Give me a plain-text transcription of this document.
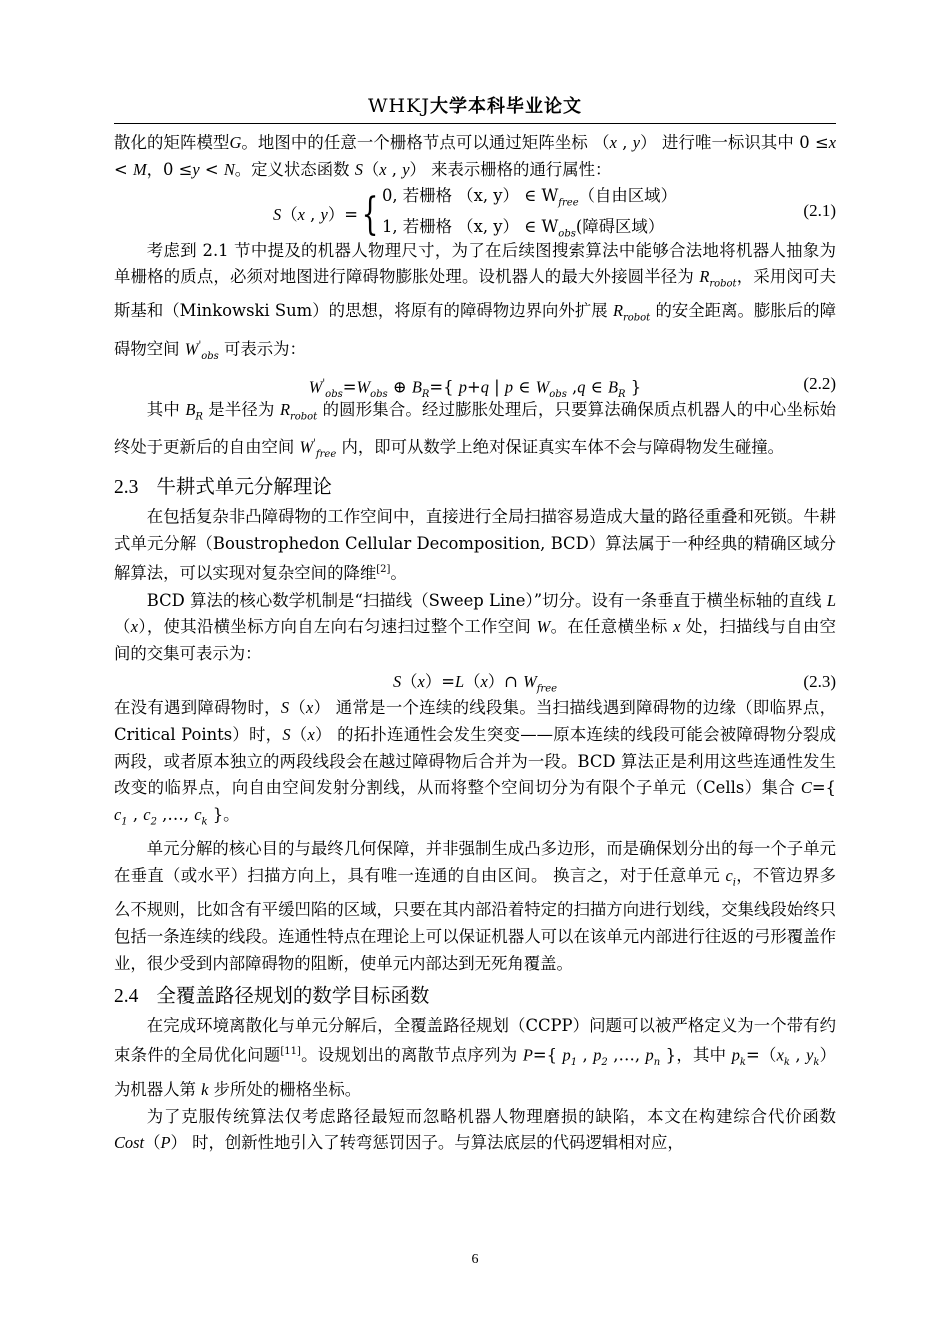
WHKJ大学本科毕业论文

散化的矩阵模型G。地图中的任意一个栅格节点可以通过矩阵坐标 （x , y） 进行唯一标识其中 0 ≤x < M，0 ≤y < N。定义状态函数 S（x , y） 来表示栅格的通行属性：

S（x , y）={ 0, 若栅格 （x, y） ∈ $W_{free}$（自由区域）
1, 若栅格 （x, y） ∈ $W_{obs}$(障碍区域）
(2.1)

考虑到 2.1 节中提及的机器人物理尺寸，为了在后续图搜索算法中能够合法地将机器人抽象为单栅格的质点，必须对地图进行障碍物膨胀处理。设机器人的最大外接圆半径为 $R_{robot}$，采用闵可夫斯基和（Minkowski Sum）的思想，将原有的障碍物边界向外扩展 $R_{robot}$ 的安全距离。膨胀后的障碍物空间 $W'_{obs}$ 可表示为：

$W'_{obs}=W_{obs}$ ⊕ $B_R=${ p+q | p ∈ $W_{obs}$ ,q ∈ $B_R$ }	(2.2)

其中 $B_R$ 是半径为 $R_{robot}$ 的圆形集合。经过膨胀处理后，只要算法确保质点机器人的中心坐标始终处于更新后的自由空间 $W'_{free}$ 内，即可从数学上绝对保证真实车体不会与障碍物发生碰撞。

2.3 牛耕式单元分解理论

在包括复杂非凸障碍物的工作空间中，直接进行全局扫描容易造成大量的路径重叠和死锁。牛耕式单元分解（Boustrophedon Cellular Decomposition, BCD）算法属于一种经典的精确区域分解算法，可以实现对复杂空间的降维[2]。

BCD 算法的核心数学机制是“扫描线（Sweep Line）”切分。设有一条垂直于横坐标轴的直线 L（x），使其沿横坐标方向自左向右匀速扫过整个工作空间 W。在任意横坐标 x 处，扫描线与自由空间的交集可表示为：

S（x）=L（x）∩ $W_{free}$	(2.3)

在没有遇到障碍物时，S（x） 通常是一个连续的线段集。当扫描线遇到障碍物的边缘（即临界点，Critical Points）时，S（x） 的拓扑连通性会发生突变——原本连续的线段可能会被障碍物分裂成两段，或者原本独立的两段线段会在越过障碍物后合并为一段。BCD 算法正是利用这些连通性发生改变的临界点，向自由空间发射分割线，从而将整个空间切分为有限个子单元（Cells）集合 C={ $c_1$ , $c_2$ ,…, $c_k$ }。

单元分解的核心目的与最终几何保障，并非强制生成凸多边形，而是确保划分出的每一个子单元在垂直（或水平）扫描方向上，具有唯一连通的自由区间。 换言之，对于任意单元 $c_i$，不管边界多么不规则，比如含有平缓凹陷的区域，只要在其内部沿着特定的扫描方向进行划线，交集线段始终只包括一条连续的线段。连通性特点在理论上可以保证机器人可以在该单元内部进行往返的弓形覆盖作业，很少受到内部障碍物的阻断，使单元内部达到无死角覆盖。

2.4 全覆盖路径规划的数学目标函数

在完成环境离散化与单元分解后，全覆盖路径规划（CCPP）问题可以被严格定义为一个带有约束条件的全局优化问题[11]。设规划出的离散节点序列为 P={ $p_1$ , $p_2$ ,…, $p_n$ }，其中 $p_k=(x_k$ , $y_k$） 为机器人第 k 步所处的栅格坐标。

为了克服传统算法仅考虑路径最短而忽略机器人物理磨损的缺陷，本文在构建综合代价函数 Cost（P） 时，创新性地引入了转弯惩罚因子。与算法底层的代码逻辑相对应，

6
